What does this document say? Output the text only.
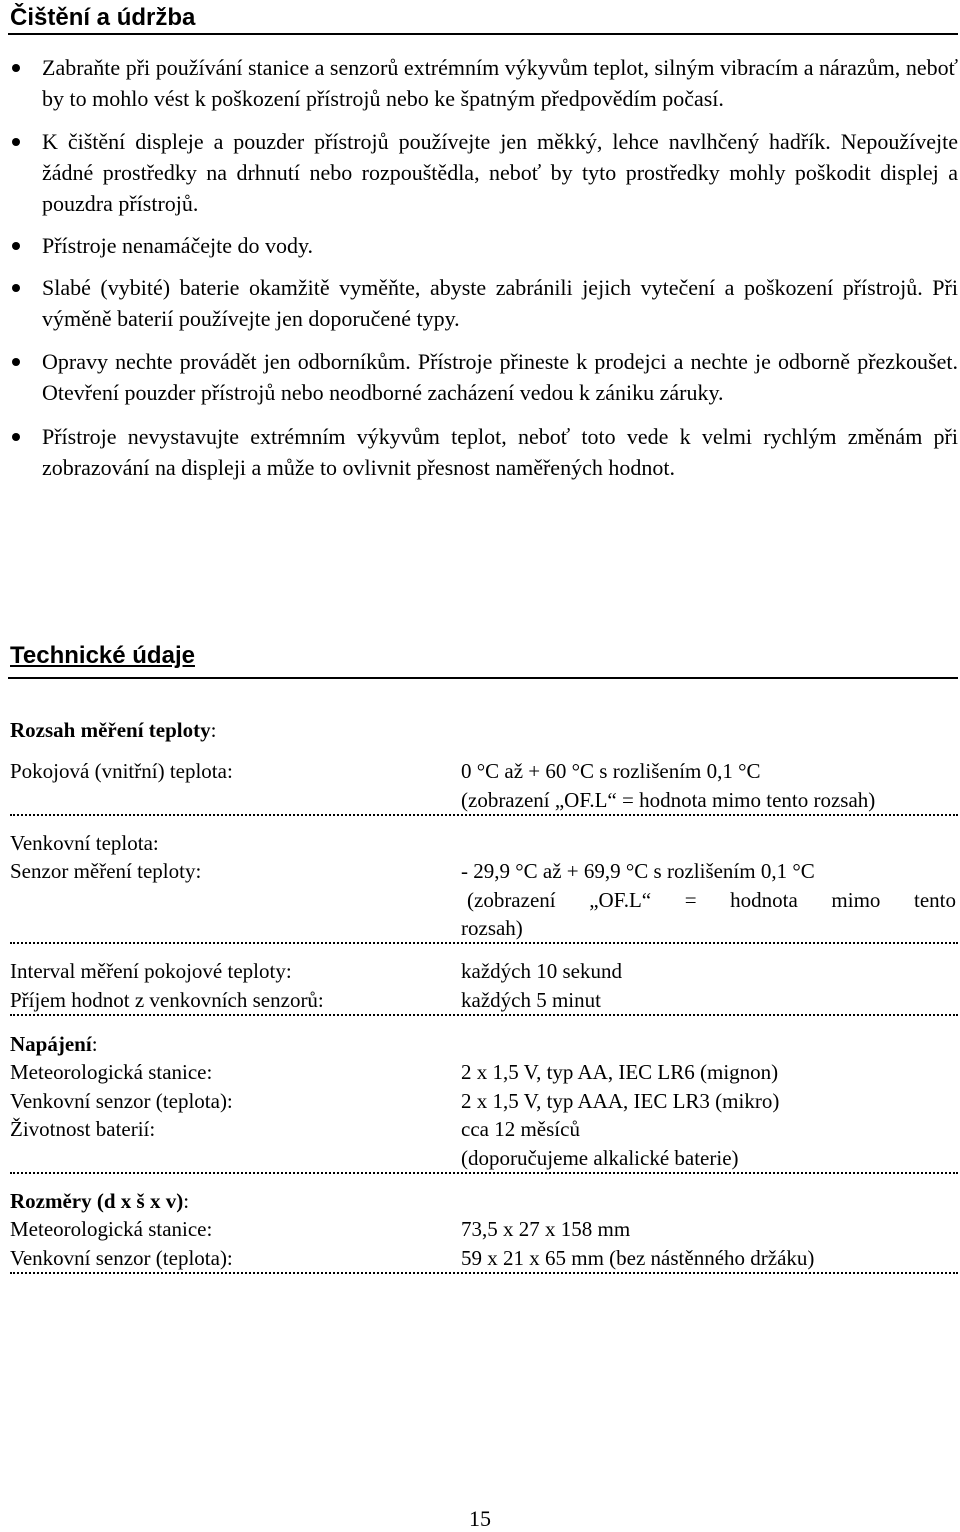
Čištění a údržba
Zabraňte při používání stanice a senzorů extrémním výkyvům teplot, silným vibracím a nárazům, neboť by to mohlo vést k poškození přístrojů nebo ke špatným předpovědím počasí.
K čištění displeje a pouzder přístrojů používejte jen měkký, lehce navlhčený hadřík. Nepoužívejte žádné prostředky na drhnutí nebo rozpouštědla, neboť by tyto prostředky mohly poškodit displej a pouzdra přístrojů.
Přístroje nenamáčejte do vody.
Slabé (vybité) baterie okamžitě vyměňte, abyste zabránili jejich vytečení a poškození přístrojů. Při výměně baterií používejte jen doporučené typy.
Opravy nechte provádět jen odborníkům. Přístroje přineste k prodejci a nechte je odborně přezkoušet. Otevření pouzder přístrojů nebo neodborné zacházení vedou k zániku záruky.
Přístroje nevystavujte extrémním výkyvům teplot, neboť toto vede k velmi rychlým změnám při zobrazování na displeji a může to ovlivnit přesnost naměřených hodnot.
Technické údaje
Rozsah měření teploty:
Pokojová (vnitřní) teplota:	0 °C až + 60 °C s rozlišením 0,1 °C
(zobrazení „OF.L“ = hodnota mimo tento rozsah)
Venkovní teplota:
Senzor měření teploty:	- 29,9 °C až + 69,9 °C s rozlišením 0,1 °C
(zobrazení „OF.L“ = hodnota mimo tento
rozsah)
Interval měření pokojové teploty:	každých 10 sekund
Příjem hodnot z venkovních senzorů:	každých 5 minut
Napájení:
Meteorologická stanice:	2 x 1,5 V, typ AA, IEC LR6 (mignon)
Venkovní senzor (teplota):	2 x 1,5 V, typ AAA, IEC LR3 (mikro)
Životnost baterií:	cca 12 měsíců
(doporučujeme alkalické baterie)
Rozměry (d x š x v):
Meteorologická stanice:	73,5 x 27 x 158 mm
Venkovní senzor (teplota):	59 x 21 x 65 mm (bez nástěnného držáku)
15
